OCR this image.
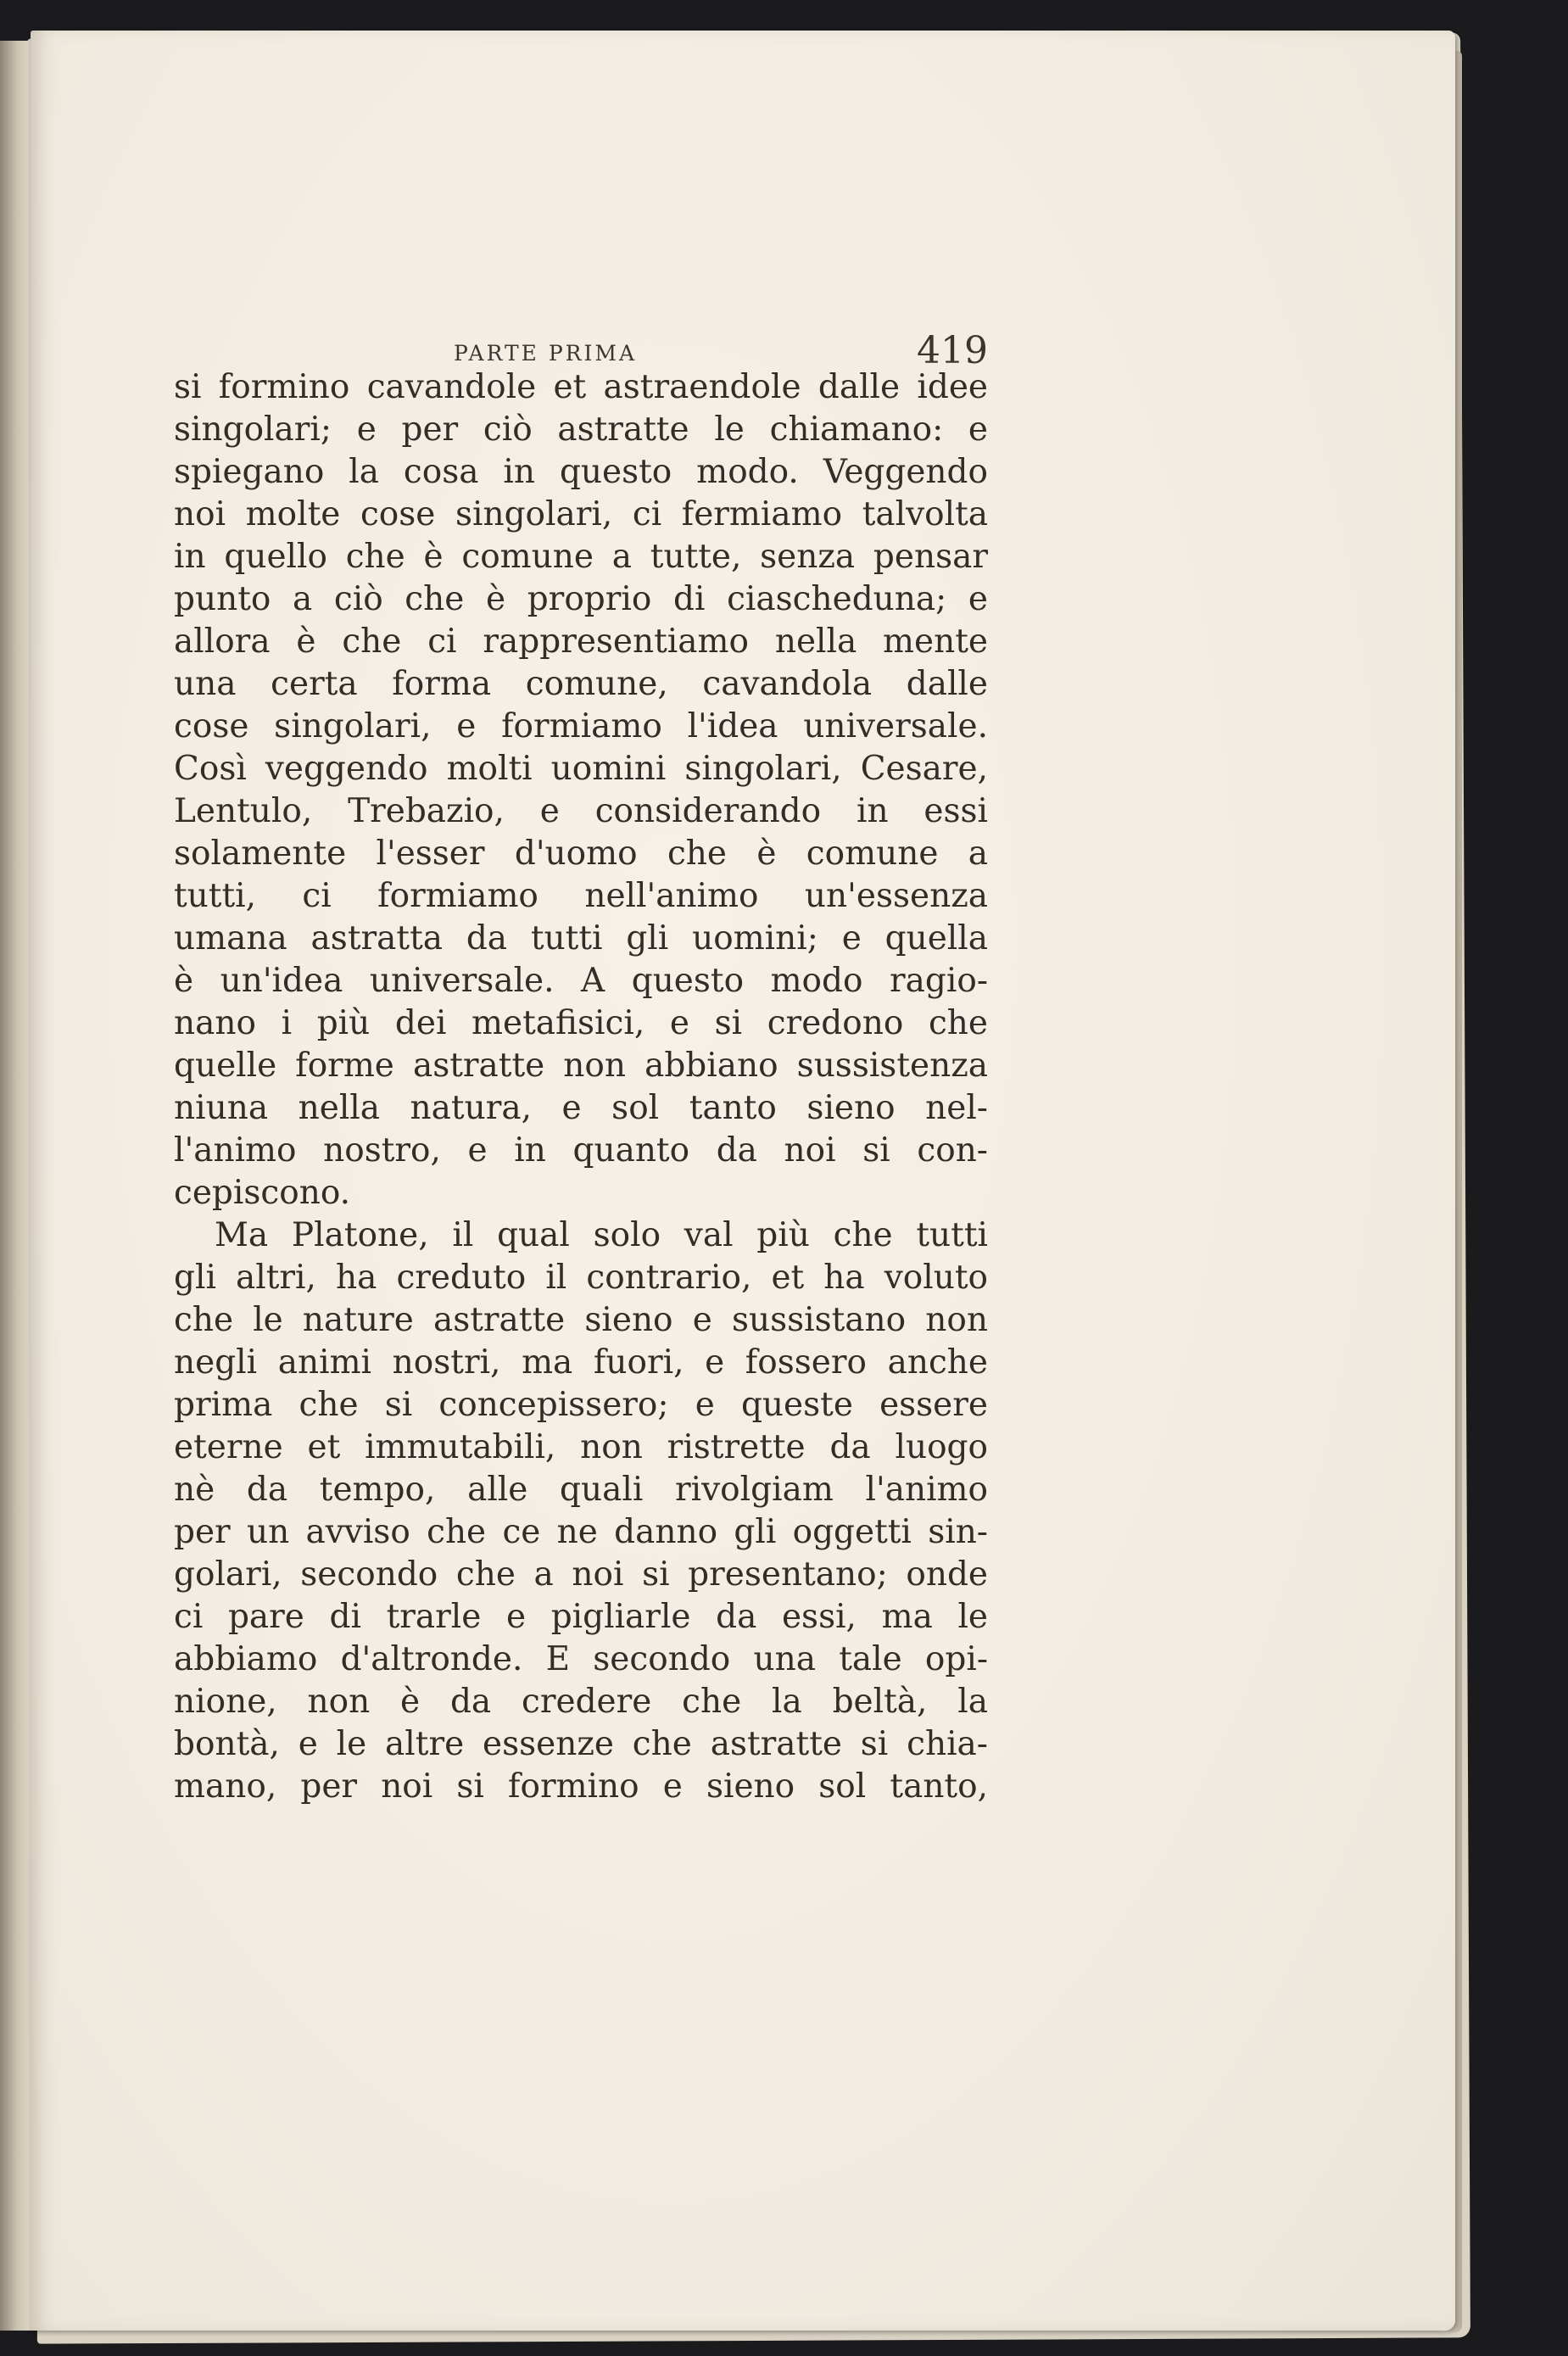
PARTE PRIMA	419
si formino cavandole et astraendole dalle idee
singolari; e per ciò astratte le chiamano: e
spiegano la cosa in questo modo. Veggendo
noi molte cose singolari, ci fermiamo talvolta
in quello che è comune a tutte, senza pensar
punto a ciò che è proprio di ciascheduna; e
allora è che ci rappresentiamo nella mente
una certa forma comune, cavandola dalle
cose singolari, e formiamo l'idea universale.
Così veggendo molti uomini singolari, Cesare,
Lentulo, Trebazio, e considerando in essi
solamente l'esser d'uomo che è comune a
tutti, ci formiamo nell'animo un'essenza
umana astratta da tutti gli uomini; e quella
è un'idea universale. A questo modo ragio-
nano i più dei metafisici, e si credono che
quelle forme astratte non abbiano sussistenza
niuna nella natura, e sol tanto sieno nel-
l'animo nostro, e in quanto da noi si con-
cepiscono.
Ma Platone, il qual solo val più che tutti
gli altri, ha creduto il contrario, et ha voluto
che le nature astratte sieno e sussistano non
negli animi nostri, ma fuori, e fossero anche
prima che si concepissero; e queste essere
eterne et immutabili, non ristrette da luogo
nè da tempo, alle quali rivolgiam l'animo
per un avviso che ce ne danno gli oggetti sin-
golari, secondo che a noi si presentano; onde
ci pare di trarle e pigliarle da essi, ma le
abbiamo d'altronde. E secondo una tale opi-
nione, non è da credere che la beltà, la
bontà, e le altre essenze che astratte si chia-
mano, per noi si formino e sieno sol tanto,
